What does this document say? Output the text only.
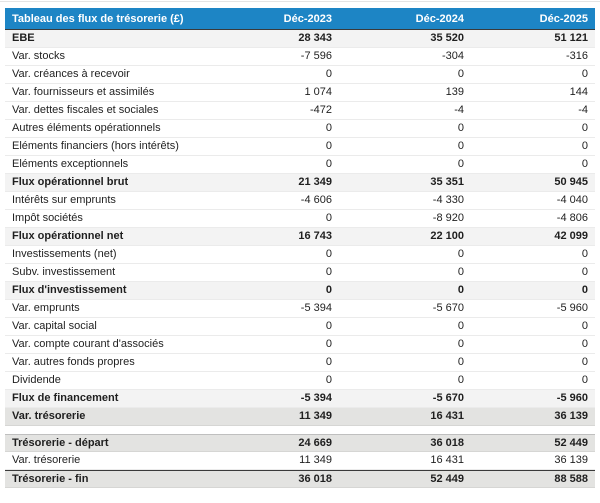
Tableau des flux de trésorerie (£)	Déc-2023	Déc-2024	Déc-2025
EBE	28 343	35 520	51 121
Var. stocks	-7 596	-304	-316
Var. créances à recevoir	0	0	0
Var. fournisseurs et assimilés	1 074	139	144
Var. dettes fiscales et sociales	-472	-4	-4
Autres éléments opérationnels	0	0	0
Eléments financiers (hors intérêts)	0	0	0
Eléments exceptionnels	0	0	0
Flux opérationnel brut	21 349	35 351	50 945
Intérêts sur emprunts	-4 606	-4 330	-4 040
Impôt sociétés	0	-8 920	-4 806
Flux opérationnel net	16 743	22 100	42 099
Investissements (net)	0	0	0
Subv. investissement	0	0	0
Flux d'investissement	0	0	0
Var. emprunts	-5 394	-5 670	-5 960
Var. capital social	0	0	0
Var. compte courant d'associés	0	0	0
Var. autres fonds propres	0	0	0
Dividende	0	0	0
Flux de financement	-5 394	-5 670	-5 960
Var. trésorerie	11 349	16 431	36 139
Trésorerie - départ	24 669	36 018	52 449
Var. trésorerie	11 349	16 431	36 139
Trésorerie - fin	36 018	52 449	88 588
